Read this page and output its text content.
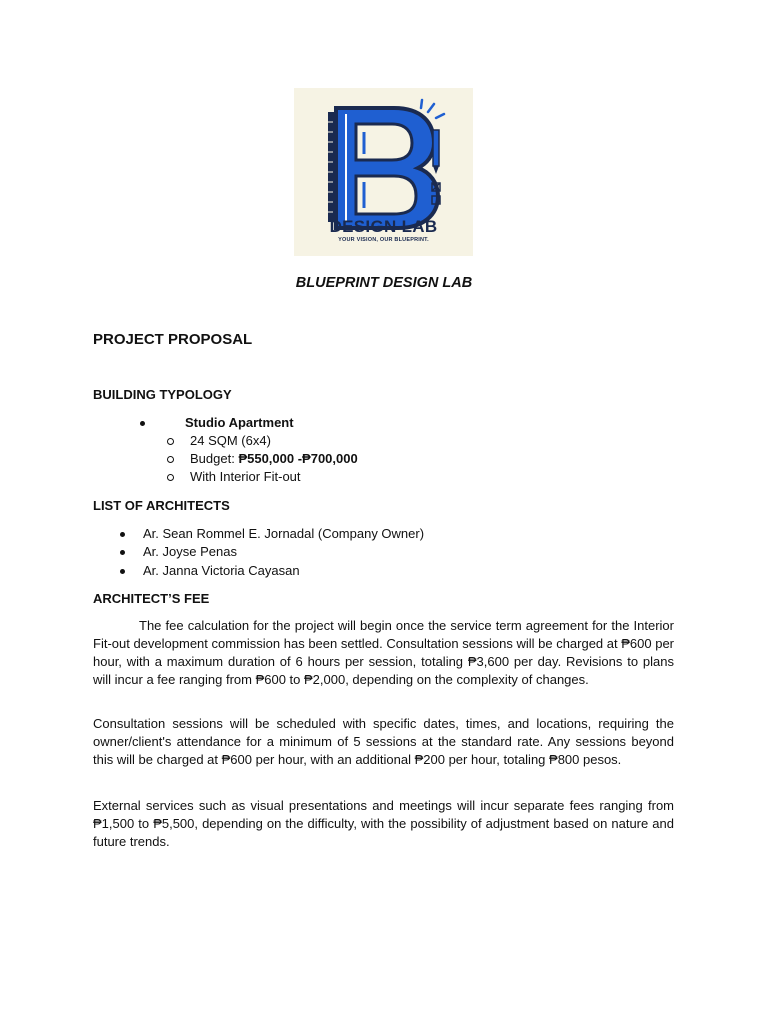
DESIGN LAB
YOUR VISION, OUR BLUEPRINT.
BLUEPRINT DESIGN LAB
PROJECT PROPOSAL
BUILDING TYPOLOGY
Studio Apartment
24 SQM (6x4)
Budget: ₱550,000 -₱700,000
With Interior Fit-out
LIST OF ARCHITECTS
Ar. Sean Rommel E. Jornadal (Company Owner)
Ar. Joyse Penas
Ar. Janna Victoria Cayasan
ARCHITECT’S FEE
The fee calculation for the project will begin once the service term agreement for the Interior Fit-out development commission has been settled. Consultation sessions will be charged at ₱600 per hour, with a maximum duration of 6 hours per session, totaling ₱3,600 per day. Revisions to plans will incur a fee ranging from ₱600 to ₱2,000, depending on the complexity of changes.
Consultation sessions will be scheduled with specific dates, times, and locations, requiring the owner/client's attendance for a minimum of 5 sessions at the standard rate. Any sessions beyond this will be charged at ₱600 per hour, with an additional ₱200 per hour, totaling ₱800 pesos.
External services such as visual presentations and meetings will incur separate fees ranging from ₱1,500 to ₱5,500, depending on the difficulty, with the possibility of adjustment based on nature and future trends.
